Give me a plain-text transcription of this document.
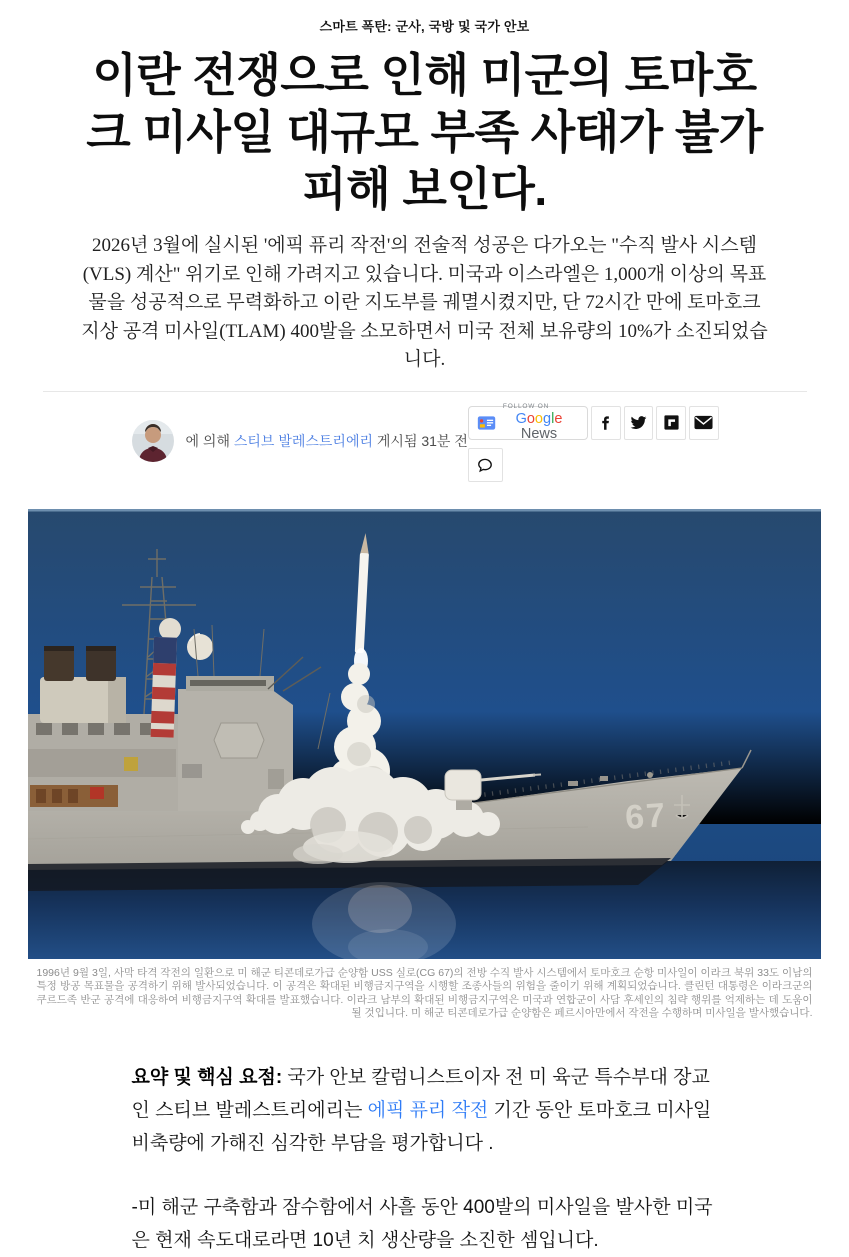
스마트 폭탄: 군사, 국방 및 국가 안보
이란 전쟁으로 인해 미군의 토마호크 미사일 대규모 부족 사태가 불가피해 보인다.

2026년 3월에 실시된 '에픽 퓨리 작전'의 전술적 성공은 다가오는 "수직 발사 시스템(VLS) 계산" 위기로 인해 가려지고 있습니다. 미국과 이스라엘은 1,000개 이상의 목표물을 성공적으로 무력화하고 이란 지도부를 궤멸시켰지만, 단 72시간 만에 토마호크 지상 공격 미사일(TLAM) 400발을 소모하면서 미국 전체 보유량의 10%가 소진되었습니다.

에 의해 스티브 발레스트리에리 게시됨 31분 전
FOLLOW ON
Google News
67

1996년 9월 3일, 사막 타격 작전의 일환으로 미 해군 티콘데로가급 순양함 USS 실로(CG 67)의 전방 수직 발사 시스템에서 토마호크 순항 미사일이 이라크 북위 33도 이남의 특정 방공 목표물을 공격하기 위해 발사되었습니다. 이 공격은 확대된 비행금지구역을 시행할 조종사들의 위험을 줄이기 위해 계획되었습니다. 클린턴 대통령은 이라크군의 쿠르드족 반군 공격에 대응하여 비행금지구역 확대를 발표했습니다. 이라크 남부의 확대된 비행금지구역은 미국과 연합군이 사담 후세인의 침략 행위를 억제하는 데 도움이 될 것입니다. 미 해군 티콘데로가급 순양함은 페르시아만에서 작전을 수행하며 미사일을 발사했습니다.

요약 및 핵심 요점: 국가 안보 칼럼니스트이자 전 미 육군 특수부대 장교인 스티브 발레스트리에리는 에픽 퓨리 작전 기간 동안 토마호크 미사일 비축량에 가해진 심각한 부담을 평가합니다 .

-미 해군 구축함과 잠수함에서 사흘 동안 400발의 미사일을 발사한 미국은 현재 속도대로라면 10년 치 생산량을 소진한 셈입니다.
